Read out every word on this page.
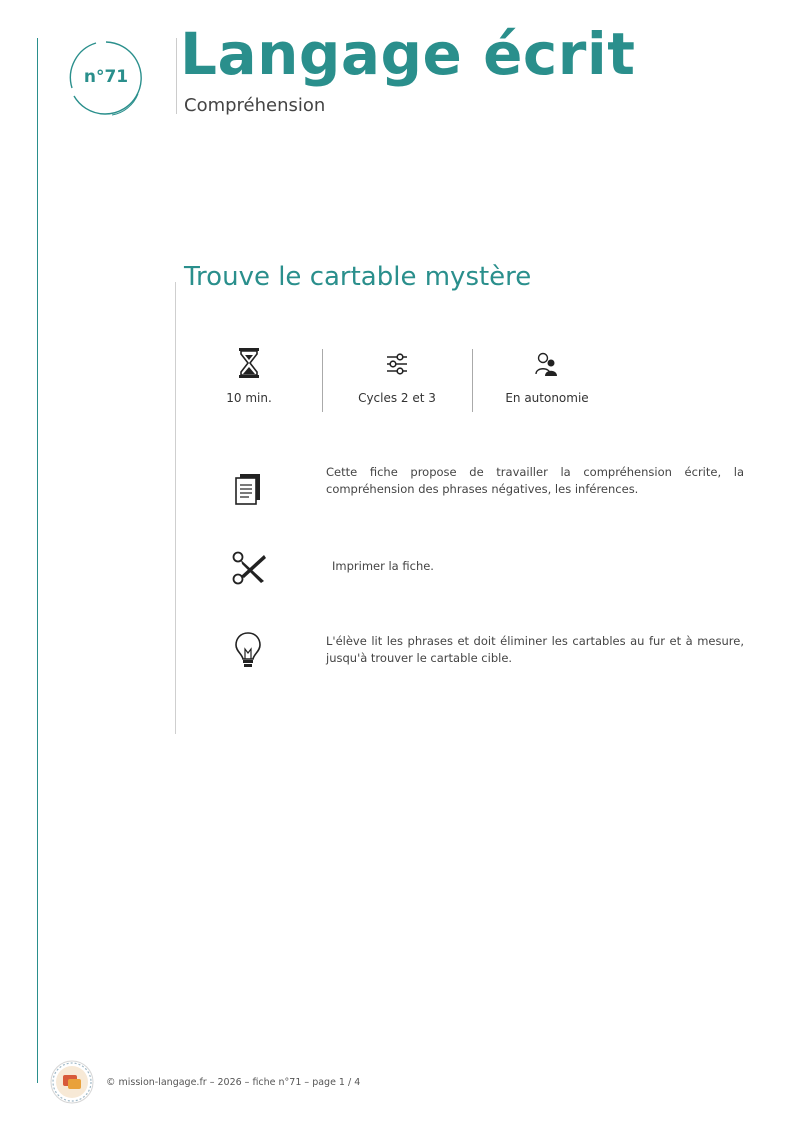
n°71 Langage écrit
Compréhension
Trouve le cartable mystère
10 min.	Cycles 2 et 3	En autonomie
Cette fiche propose de travailler la compréhension écrite, la compréhension des phrases négatives, les inférences.
Imprimer la fiche.
L'élève lit les phrases et doit éliminer les cartables au fur et à mesure, jusqu'à trouver le cartable cible.
© mission-langage.fr – 2026 – fiche n°71 – page 1 / 4
